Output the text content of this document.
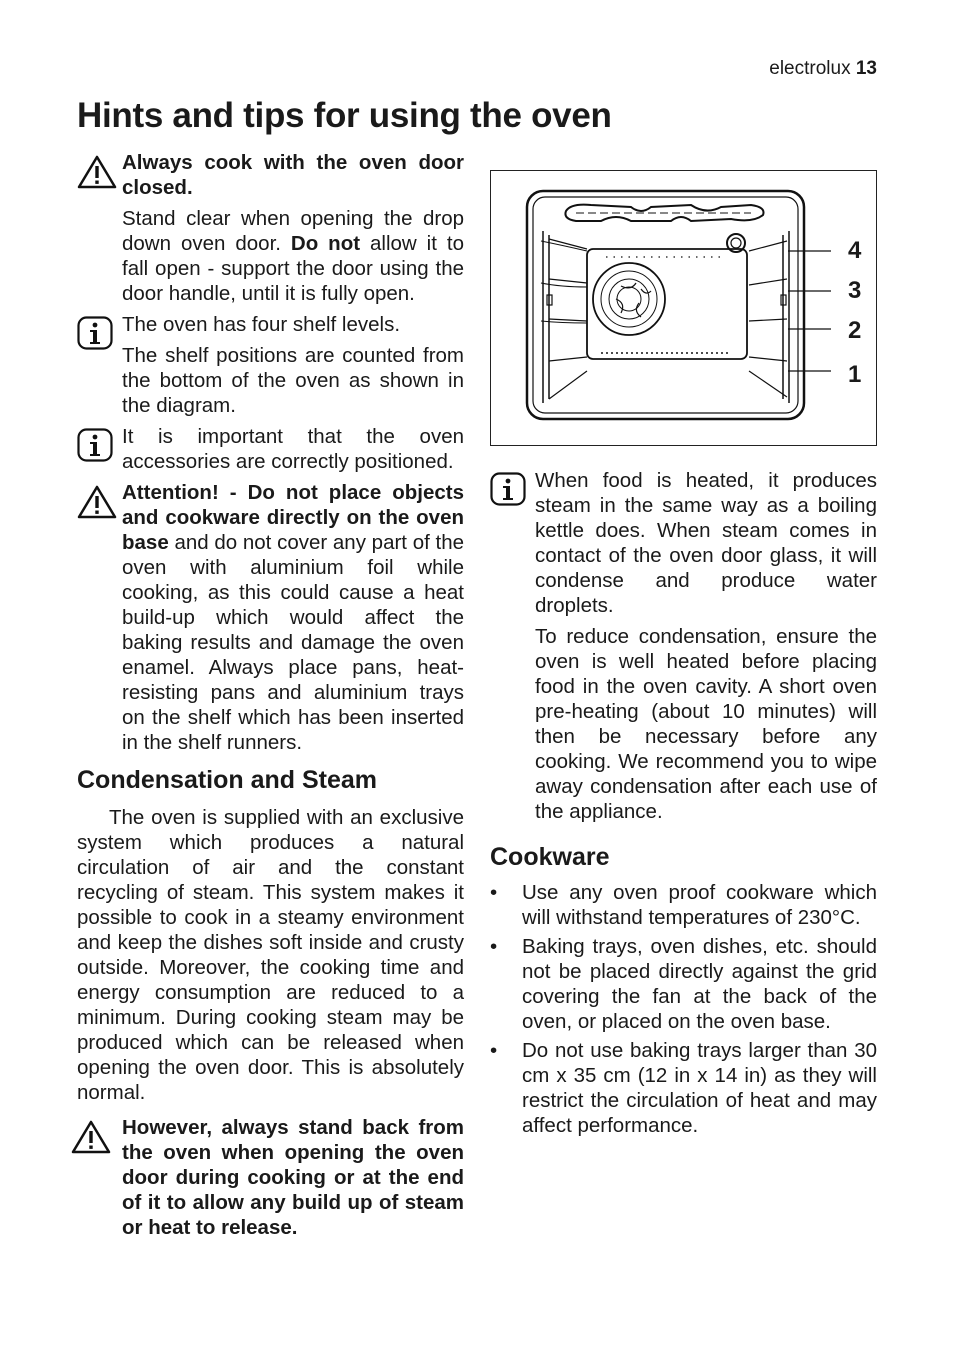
electrolux 13
Hints and tips for using the oven

Always cook with the oven door closed.

Stand clear when opening the drop down oven door. Do not allow it to fall open - support the door using the door handle, until it is fully open.

The oven has four shelf levels.

The shelf positions are counted from the bottom of the oven as shown in the diagram.

It is important that the oven accessories are correctly positioned.

Attention! - Do not place objects and cookware directly on the oven base and do not cover any part of the oven with aluminium foil while cooking, as this could cause a heat build-up which would affect the baking results and damage the oven enamel. Always place pans, heat-resisting pans and aluminium trays on the shelf which has been inserted in the shelf runners.

Condensation and Steam

The oven is supplied with an exclusive system which produces a natural circulation of air and the constant recycling of steam. This system makes it possible to cook in a steamy environment and keep the dishes soft inside and crusty outside. Moreover, the cooking time and energy consumption are reduced to a minimum. During cooking steam may be produced which can be released when opening the oven door. This is absolutely normal.

However, always stand back from the oven when opening the oven door during cooking or at the end of it to allow any build up of steam or heat to release.

4
3
2
1

When food is heated, it produces steam in the same way as a boiling kettle does. When steam comes in contact of the oven door glass, it will condense and produce water droplets.

To reduce condensation, ensure the oven is well heated before placing food in the oven cavity. A short oven pre-heating (about 10 minutes) will then be necessary before any cooking. We recommend you to wipe away condensation after each use of the appliance.

Cookware
• Use any oven proof cookware which will withstand temperatures of 230°C.
• Baking trays, oven dishes, etc. should not be placed directly against the grid covering the fan at the back of the oven, or placed on the oven base.
• Do not use baking trays larger than 30 cm x 35 cm (12 in x 14 in) as they will restrict the circulation of heat and may affect performance.
